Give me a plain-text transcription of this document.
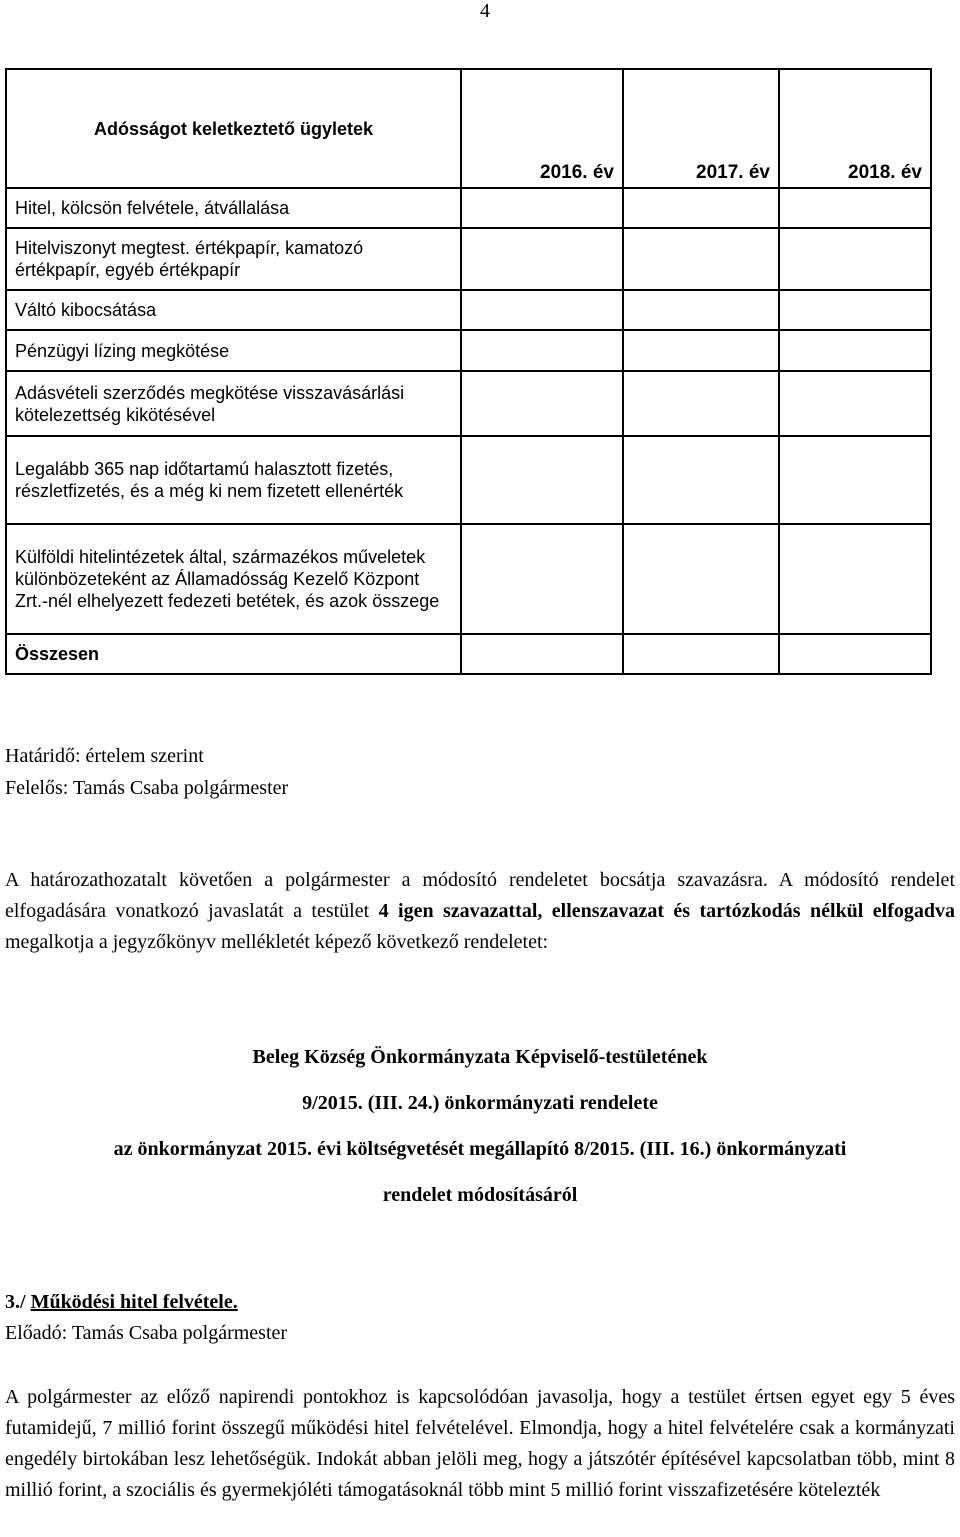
4
Adósságot keletkeztető ügyletek	2016. év	2017. év	2018. év
Hitel, kölcsön felvétele, átvállalása			
Hitelviszonyt megtest. értékpapír, kamatozó értékpapír, egyéb értékpapír			
Váltó kibocsátása			
Pénzügyi lízing megkötése			
Adásvételi szerződés megkötése visszavásárlási kötelezettség kikötésével			
Legalább 365 nap időtartamú halasztott fizetés, részletfizetés, és a még ki nem fizetett ellenérték			
Külföldi hitelintézetek által, származékos műveletek különbözeteként az Államadósság Kezelő Központ Zrt.-nél elhelyezett fedezeti betétek, és azok összege			
Összesen			
Határidő: értelem szerint
Felelős: Tamás Csaba polgármester
A határozathozatalt követően a polgármester a módosító rendeletet bocsátja szavazásra. A módosító rendelet elfogadására vonatkozó javaslatát a testület 4 igen szavazattal, ellenszavazat és tartózkodás nélkül elfogadva megalkotja a jegyzőkönyv mellékletét képező következő rendeletet:
Beleg Község Önkormányzata Képviselő-testületének
9/2015. (III. 24.) önkormányzati rendelete
az önkormányzat 2015. évi költségvetését megállapító 8/2015. (III. 16.) önkormányzati
rendelet módosításáról
3./ Működési hitel felvétele.
Előadó: Tamás Csaba polgármester
A polgármester az előző napirendi pontokhoz is kapcsolódóan javasolja, hogy a testület értsen egyet egy 5 éves futamidejű, 7 millió forint összegű működési hitel felvételével. Elmondja, hogy a hitel felvételére csak a kormányzati engedély birtokában lesz lehetőségük. Indokát abban jelöli meg, hogy a játszótér építésével kapcsolatban több, mint 8 millió forint, a szociális és gyermekjóléti támogatásoknál több mint 5 millió forint visszafizetésére kötelezték
